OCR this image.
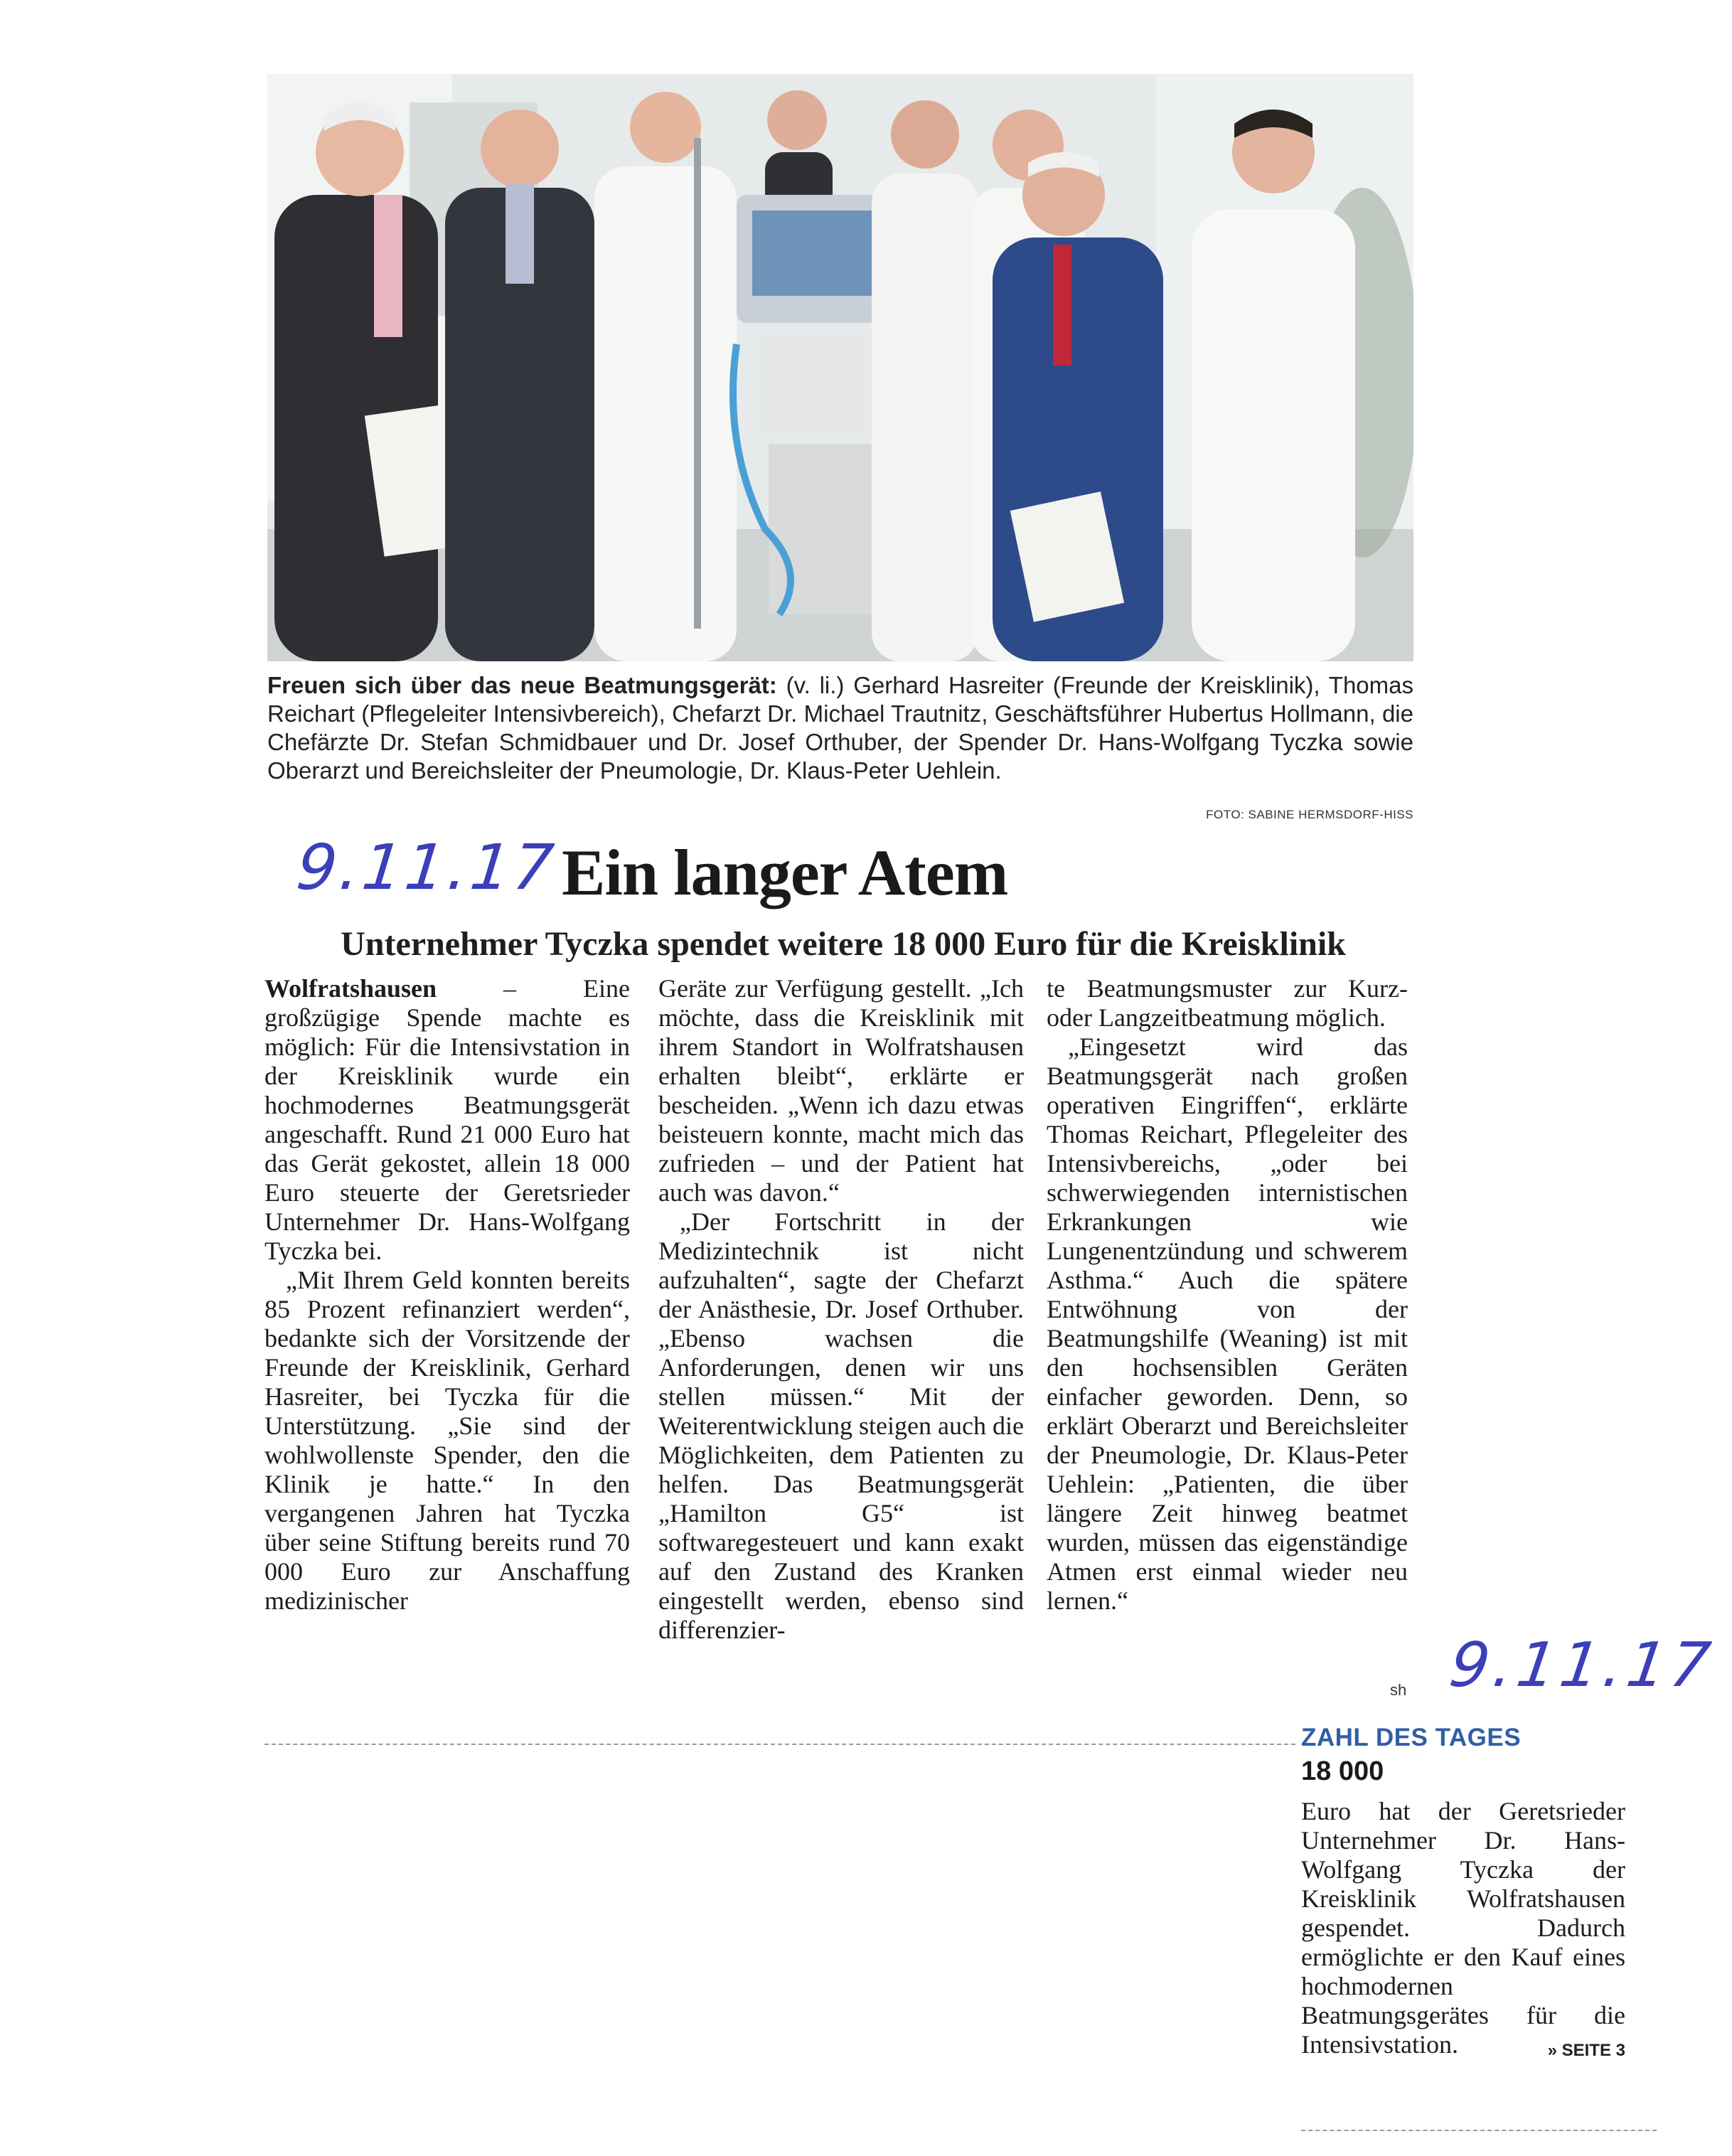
Freuen sich über das neue Beatmungsgerät: (v. li.) Gerhard Hasreiter (Freunde der Kreisklinik), Thomas Reichart (Pflegeleiter Intensivbereich), Chefarzt Dr. Michael Trautnitz, Geschäftsführer Hubertus Hollmann, die Chefärzte Dr. Stefan Schmidbauer und Dr. Josef Orthuber, der Spender Dr. Hans-Wolfgang Tyczka sowie Oberarzt und Bereichsleiter der Pneumologie, Dr. Klaus-Peter Uehlein.
FOTO: SABINE HERMSDORF-HISS
9.11.17 Ein langer Atem
Unternehmer Tyczka spendet weitere 18 000 Euro für die Kreisklinik

Wolfratshausen	– Eine großzügige Spende machte es möglich: Für die Intensivstation in der Kreisklinik wurde ein hochmodernes Beatmungsgerät angeschafft. Rund 21 000 Euro hat das Gerät gekostet, allein 18 000 Euro steuerte der Geretsrieder Unternehmer Dr. Hans-Wolfgang Tyczka bei.

„Mit Ihrem Geld konnten bereits 85 Prozent refinanziert werden“, bedankte sich der Vorsitzende der Freunde der Kreisklinik, Gerhard Hasreiter, bei Tyczka für die Unterstützung. „Sie sind der wohlwollenste Spender, den die Klinik je hatte.“ In den vergangenen Jahren hat Tyczka über seine Stiftung bereits rund 70 000 Euro zur Anschaffung medizinischer

Geräte zur Verfügung gestellt. „Ich möchte, dass die Kreisklinik mit ihrem Standort in Wolfratshausen erhalten bleibt“, erklärte er bescheiden. „Wenn ich dazu etwas beisteuern konnte, macht mich das zufrieden – und der Patient hat auch was davon.“

„Der Fortschritt in der Medizintechnik ist nicht aufzuhalten“, sagte der Chefarzt der Anästhesie, Dr. Josef Orthuber. „Ebenso wachsen die Anforderungen, denen wir uns stellen müssen.“ Mit der Weiterentwicklung steigen auch die Möglichkeiten, dem Patienten zu helfen. Das Beatmungsgerät „Hamilton G5“ ist softwaregesteuert und kann exakt auf den Zustand des Kranken eingestellt werden, ebenso sind differenzier-

te Beatmungsmuster zur Kurz- oder Langzeitbeatmung möglich.

„Eingesetzt wird das Beatmungsgerät nach großen operativen Eingriffen“, erklärte Thomas Reichart, Pflegeleiter des Intensivbereichs, „oder bei schwerwiegenden internistischen Erkrankungen wie Lungenentzündung und schwerem Asthma.“ Auch die spätere Entwöhnung von der Beatmungshilfe (Weaning) ist mit den hochsensiblen Geräten einfacher geworden. Denn, so erklärt Oberarzt und Bereichsleiter der Pneumologie, Dr. Klaus-Peter Uehlein: „Patienten, die über längere Zeit hinweg beatmet wurden, müssen das eigenständige Atmen erst einmal wieder neu lernen.“

sh
ZAHL DES TAGES
18 000
Euro hat der Geretsrieder Unternehmer Dr. Hans-Wolfgang Tyczka der Kreisklinik Wolfratshausen gespendet. Dadurch ermöglichte er den Kauf eines hochmodernen Beatmungsgerätes für die Intensivstation.	» SEITE 3
9.11.17
